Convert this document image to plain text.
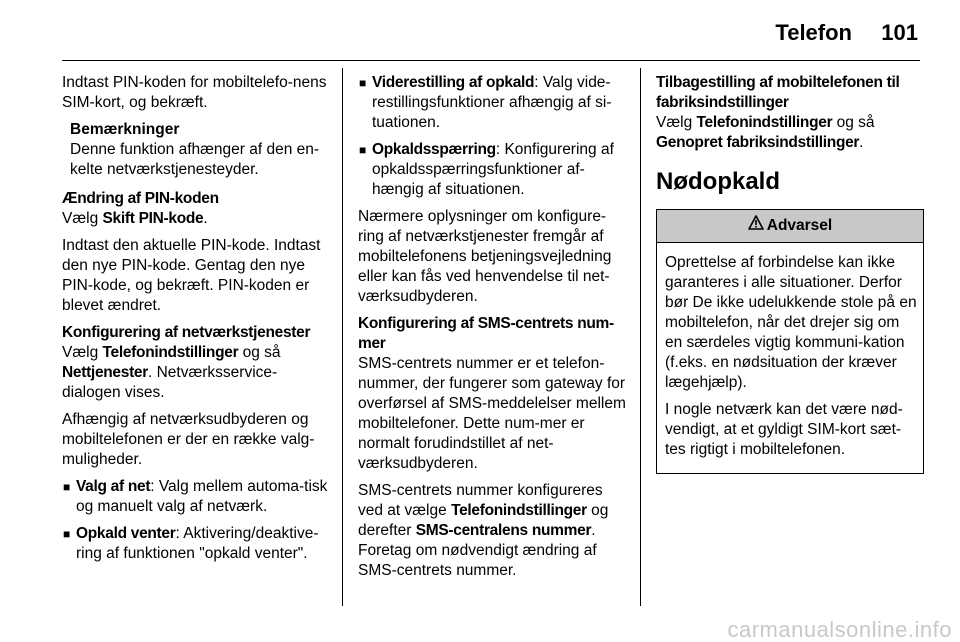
Telefon 101

Indtast PIN-koden for mobiltelefo-nens SIM-kort, og bekræft.

Bemærkninger
Denne funktion afhænger af den en-kelte netværkstjenesteyder.
Ændring af PIN-koden

Vælg Skift PIN-kode.

Indtast den aktuelle PIN-kode. Indtast den nye PIN-kode. Gentag den nye PIN-kode, og bekræft. PIN-koden er blevet ændret.

Konfigurering af netværkstjenester

Vælg Telefonindstillinger og så Nettjenester. Netværksservice-dialogen vises.

Afhængig af netværksudbyderen og mobiltelefonen er der en række valg-muligheder.

■ Valg af net: Valg mellem automa-tisk og manuelt valg af netværk.
■ Opkald venter: Aktivering/deaktive-ring af funktionen "opkald venter".
■ Viderestilling af opkald: Valg vide-restillingsfunktioner afhængig af si-tuationen.
■ Opkaldsspærring: Konfigurering af opkaldsspærringsfunktioner af-hængig af situationen.

Nærmere oplysninger om konfigure-ring af netværkstjenester fremgår af mobiltelefonens betjeningsvejledning eller kan fås ved henvendelse til net-værksudbyderen.

Konfigurering af SMS-centrets num-mer

SMS-centrets nummer er et telefon-nummer, der fungerer som gateway for overførsel af SMS-meddelelser mellem mobiltelefoner. Dette num-mer er normalt forudindstillet af net-værksudbyderen.

SMS-centrets nummer konfigureres ved at vælge Telefonindstillinger og derefter SMS-centralens nummer. Foretag om nødvendigt ændring af SMS-centrets nummer.

Tilbagestilling af mobiltelefonen til fabriksindstillinger

Vælg Telefonindstillinger og så Genopret fabriksindstillinger.

Nødopkald
Advarsel

Oprettelse af forbindelse kan ikke garanteres i alle situationer. Derfor bør De ikke udelukkende stole på en mobiltelefon, når det drejer sig om en særdeles vigtig kommuni-kation (f.eks. en nødsituation der kræver lægehjælp).

I nogle netværk kan det være nød-vendigt, at et gyldigt SIM-kort sæt-tes rigtigt i mobiltelefonen.

carmanualsonline.info
